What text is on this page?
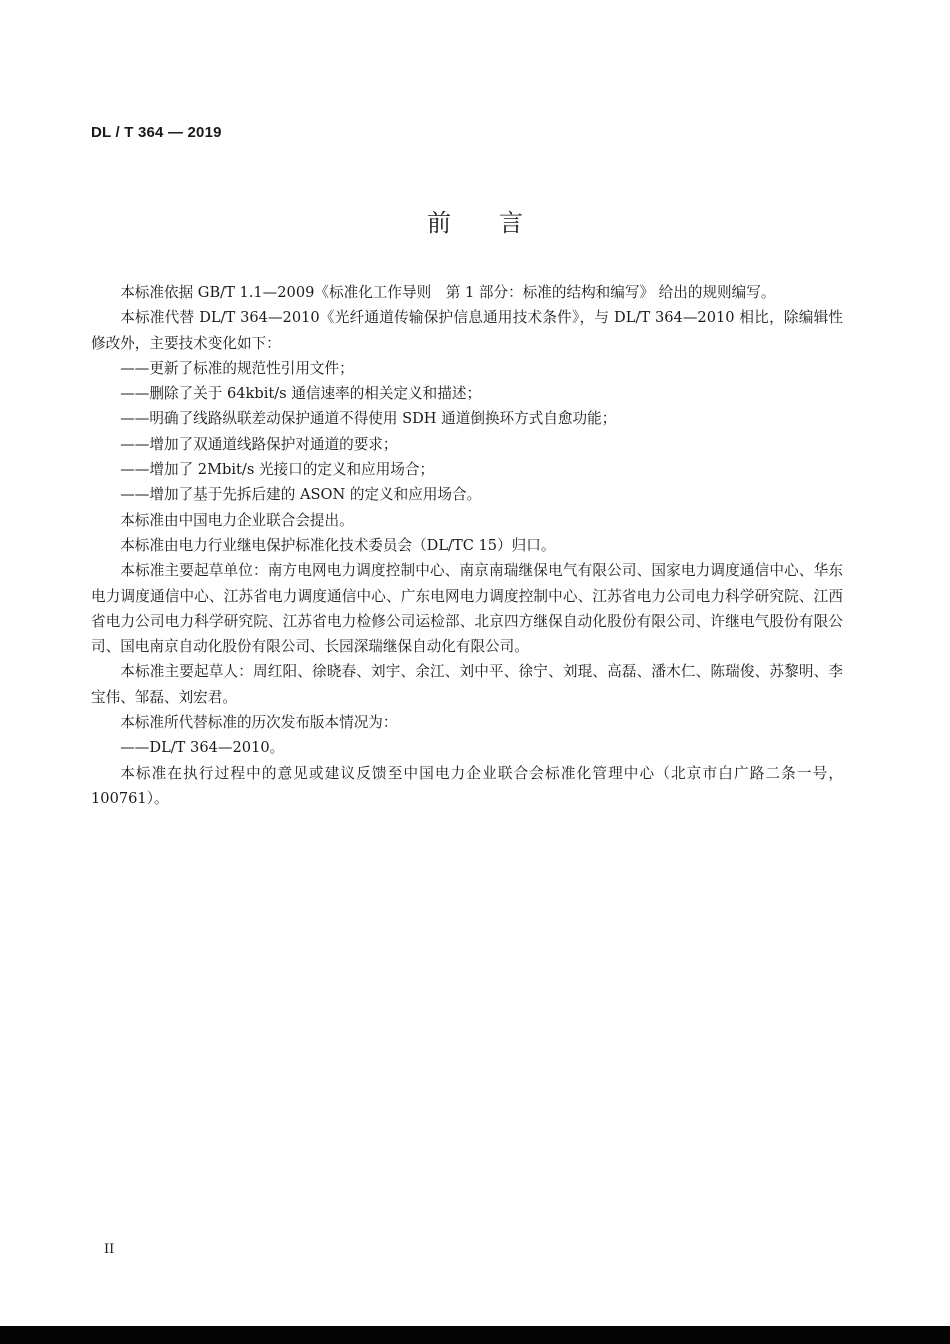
DL / T 364 — 2019
前言

本标准依据 GB/T 1.1—2009《标准化工作导则　第 1 部分：标准的结构和编写》 给出的规则编写。

本标准代替 DL/T 364—2010《光纤通道传输保护信息通用技术条件》，与 DL/T 364—2010 相比，除编辑性修改外，主要技术变化如下：

——更新了标准的规范性引用文件；

——删除了关于 64kbit/s 通信速率的相关定义和描述；

——明确了线路纵联差动保护通道不得使用 SDH 通道倒换环方式自愈功能；

——增加了双通道线路保护对通道的要求；

——增加了 2Mbit/s 光接口的定义和应用场合；

——增加了基于先拆后建的 ASON 的定义和应用场合。

本标准由中国电力企业联合会提出。

本标准由电力行业继电保护标准化技术委员会（DL/TC 15）归口。

本标准主要起草单位：南方电网电力调度控制中心、南京南瑞继保电气有限公司、国家电力调度通信中心、华东电力调度通信中心、江苏省电力调度通信中心、广东电网电力调度控制中心、江苏省电力公司电力科学研究院、江西省电力公司电力科学研究院、江苏省电力检修公司运检部、北京四方继保自动化股份有限公司、许继电气股份有限公司、国电南京自动化股份有限公司、长园深瑞继保自动化有限公司。

本标准主要起草人：周红阳、徐晓春、刘宇、余江、刘中平、徐宁、刘琨、高磊、潘木仁、陈瑞俊、苏黎明、李宝伟、邹磊、刘宏君。

本标准所代替标准的历次发布版本情况为：

——DL/T 364—2010。

本标准在执行过程中的意见或建议反馈至中国电力企业联合会标准化管理中心（北京市白广路二条一号，100761）。

II
